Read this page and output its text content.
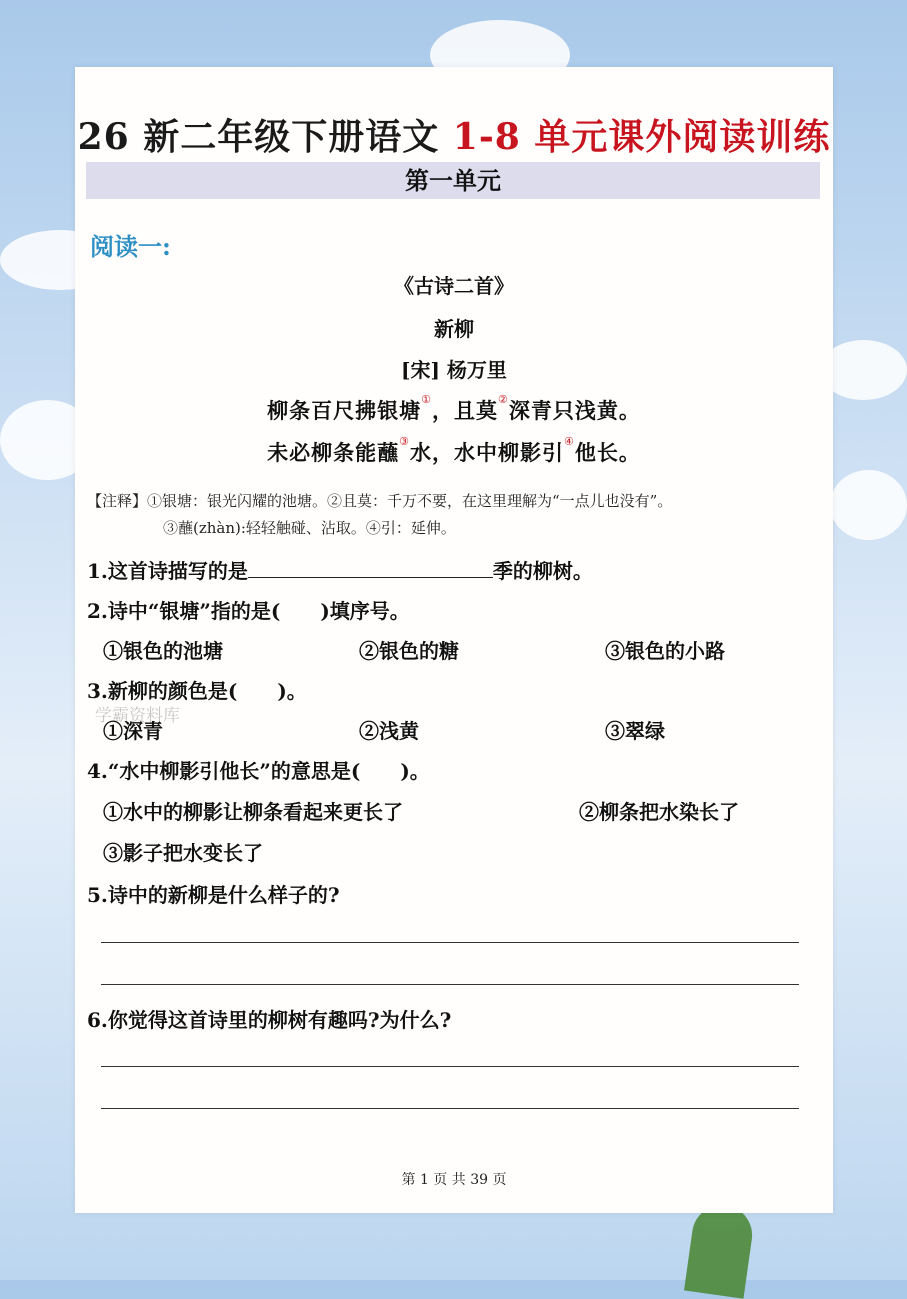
26 新二年级下册语文 1-8 单元课外阅读训练
第一单元
阅读一:
《古诗二首》
新柳
[宋] 杨万里
柳条百尺拂银塘①，且莫②深青只浅黄。
未必柳条能蘸③水，水中柳影引④他长。
【注释】①银塘：银光闪耀的池塘。②且莫：千万不要，在这里理解为“一点儿也没有”。
③蘸(zhàn):轻轻触碰、沾取。④引：延伸。
1.这首诗描写的是	季的柳树。
2.诗中“银塘”指的是(　　)填序号。
①银色的池塘	②银色的糖	③银色的小路
3.新柳的颜色是(　　)。
学霸资料库
①深青	②浅黄	③翠绿
4.“水中柳影引他长”的意思是(　　)。
①水中的柳影让柳条看起来更长了	②柳条把水染长了
③影子把水变长了
5.诗中的新柳是什么样子的?
6.你觉得这首诗里的柳树有趣吗?为什么?
第 1 页 共 39 页
